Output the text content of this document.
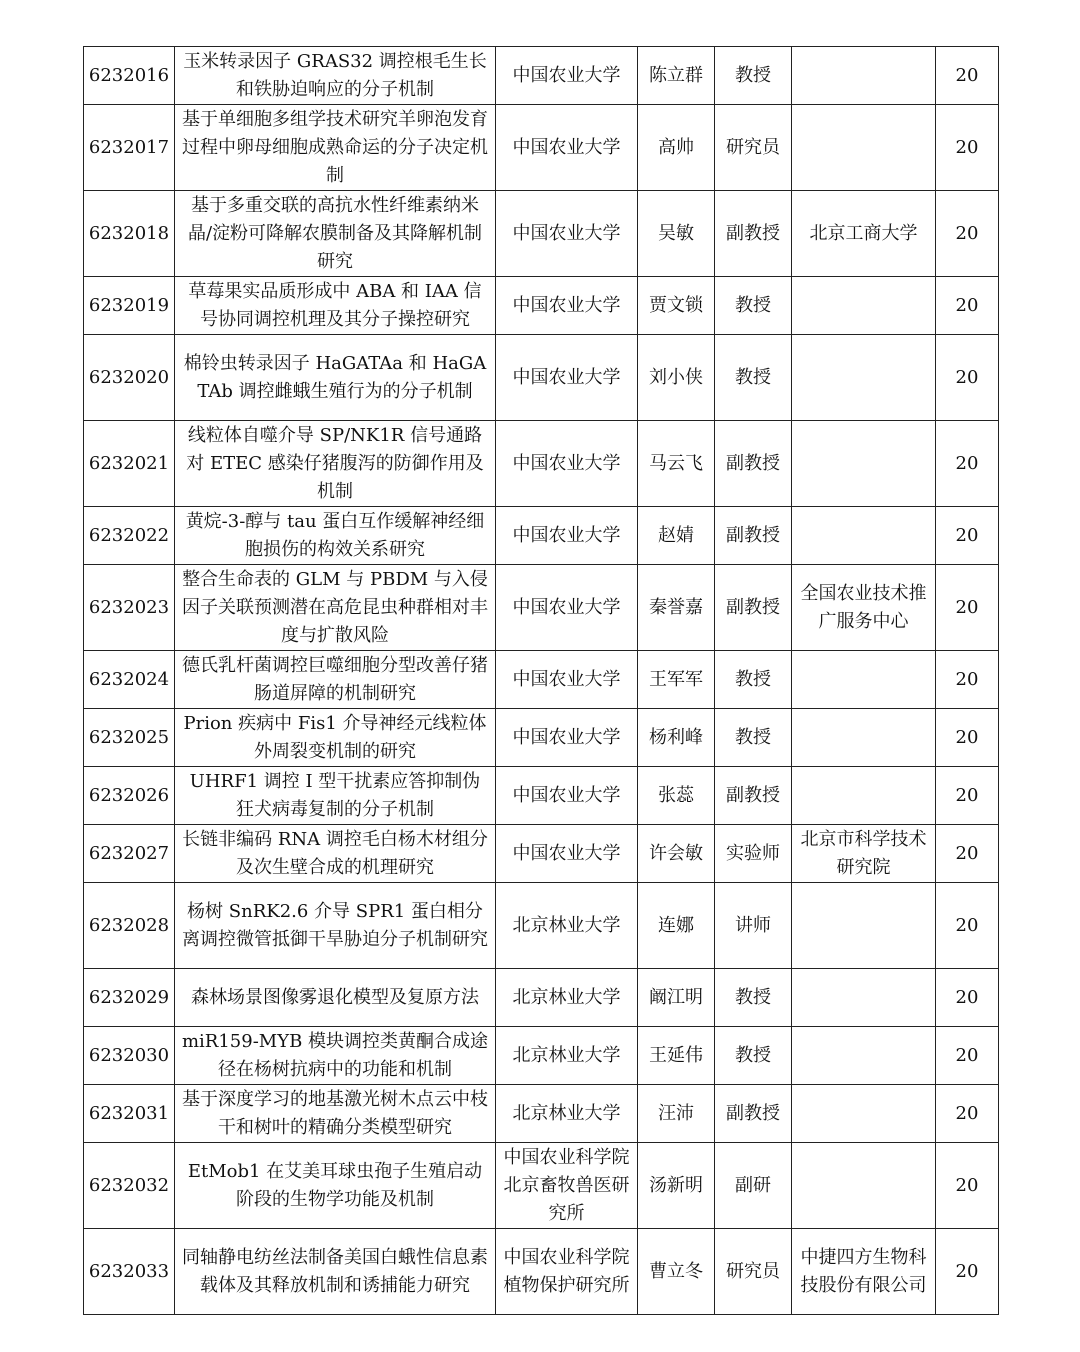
6232016	玉米转录因子 GRAS32 调控根毛生长和铁胁迫响应的分子机制	中国农业大学	陈立群	教授		20
6232017	基于单细胞多组学技术研究羊卵泡发育过程中卵母细胞成熟命运的分子决定机制	中国农业大学	高帅	研究员		20
6232018	基于多重交联的高抗水性纤维素纳米晶/淀粉可降解农膜制备及其降解机制研究	中国农业大学	吴敏	副教授	北京工商大学	20
6232019	草莓果实品质形成中 ABA 和 IAA 信号协同调控机理及其分子操控研究	中国农业大学	贾文锁	教授		20
6232020	棉铃虫转录因子 HaGATAa 和 HaGATAb 调控雌蛾生殖行为的分子机制	中国农业大学	刘小侠	教授		20
6232021	线粒体自噬介导 SP/NK1R 信号通路对 ETEC 感染仔猪腹泻的防御作用及机制	中国农业大学	马云飞	副教授		20
6232022	黄烷-3-醇与 tau 蛋白互作缓解神经细胞损伤的构效关系研究	中国农业大学	赵婧	副教授		20
6232023	整合生命表的 GLM 与 PBDM 与入侵因子关联预测潜在高危昆虫种群相对丰度与扩散风险	中国农业大学	秦誉嘉	副教授	全国农业技术推广服务中心	20
6232024	德氏乳杆菌调控巨噬细胞分型改善仔猪肠道屏障的机制研究	中国农业大学	王军军	教授		20
6232025	Prion 疾病中 Fis1 介导神经元线粒体外周裂变机制的研究	中国农业大学	杨利峰	教授		20
6232026	UHRF1 调控 I 型干扰素应答抑制伪狂犬病毒复制的分子机制	中国农业大学	张蕊	副教授		20
6232027	长链非编码 RNA 调控毛白杨木材组分及次生壁合成的机理研究	中国农业大学	许会敏	实验师	北京市科学技术研究院	20
6232028	杨树 SnRK2.6 介导 SPR1 蛋白相分离调控微管抵御干旱胁迫分子机制研究	北京林业大学	连娜	讲师		20
6232029	森林场景图像雾退化模型及复原方法	北京林业大学	阚江明	教授		20
6232030	miR159-MYB 模块调控类黄酮合成途径在杨树抗病中的功能和机制	北京林业大学	王延伟	教授		20
6232031	基于深度学习的地基激光树木点云中枝干和树叶的精确分类模型研究	北京林业大学	汪沛	副教授		20
6232032	EtMob1 在艾美耳球虫孢子生殖启动阶段的生物学功能及机制	中国农业科学院北京畜牧兽医研究所	汤新明	副研		20
6232033	同轴静电纺丝法制备美国白蛾性信息素载体及其释放机制和诱捕能力研究	中国农业科学院植物保护研究所	曹立冬	研究员	中捷四方生物科技股份有限公司	20
